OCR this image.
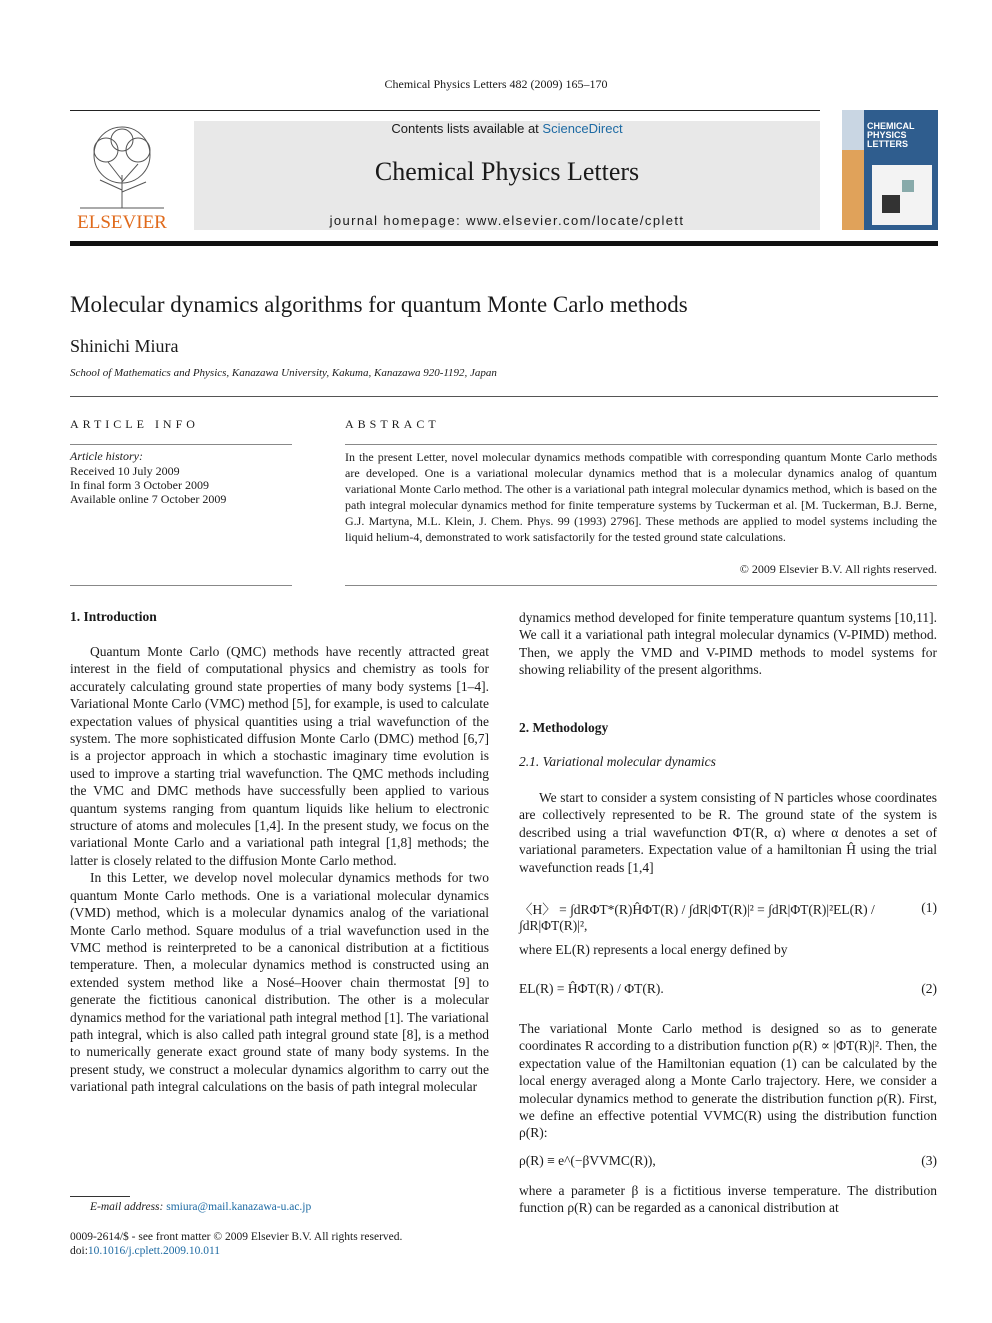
Chemical Physics Letters 482 (2009) 165–170
ELSEVIER
Contents lists available at ScienceDirect
Chemical Physics Letters
journal homepage: www.elsevier.com/locate/cplett
CHEMICAL
PHYSICS
LETTERS
Molecular dynamics algorithms for quantum Monte Carlo methods
Shinichi Miura
School of Mathematics and Physics, Kanazawa University, Kakuma, Kanazawa 920-1192, Japan
ARTICLE INFO
Article history:
Received 10 July 2009
In final form 3 October 2009
Available online 7 October 2009
ABSTRACT
In the present Letter, novel molecular dynamics methods compatible with corresponding quantum Monte Carlo methods are developed. One is a variational molecular dynamics method that is a molecular dynamics analog of quantum variational Monte Carlo method. The other is a variational path integral molecular dynamics method, which is based on the path integral molecular dynamics method for finite temperature systems by Tuckerman et al. [M. Tuckerman, B.J. Berne, G.J. Martyna, M.L. Klein, J. Chem. Phys. 99 (1993) 2796]. These methods are applied to model systems including the liquid helium-4, demonstrated to work satisfactorily for the tested ground state calculations.
© 2009 Elsevier B.V. All rights reserved.
1. Introduction

Quantum Monte Carlo (QMC) methods have recently attracted great interest in the field of computational physics and chemistry as tools for accurately calculating ground state properties of many body systems [1–4]. Variational Monte Carlo (VMC) method [5], for example, is used to calculate expectation values of physical quantities using a trial wavefunction of the system. The more sophisticated diffusion Monte Carlo (DMC) method [6,7] is a projector approach in which a stochastic imaginary time evolution is used to improve a starting trial wavefunction. The QMC methods including the VMC and DMC methods have successfully been applied to various quantum systems ranging from quantum liquids like helium to electronic structure of atoms and molecules [1,4]. In the present study, we focus on the variational Monte Carlo and a variational path integral [1,8] methods; the latter is closely related to the diffusion Monte Carlo method.

In this Letter, we develop novel molecular dynamics methods for two quantum Monte Carlo methods. One is a variational molecular dynamics (VMD) method, which is a molecular dynamics analog of the variational Monte Carlo method. Square modulus of a trial wavefunction used in the VMC method is reinterpreted to be a canonical distribution at a fictitious temperature. Then, a molecular dynamics method is constructed using an extended system method like a Nosé–Hoover chain thermostat [9] to generate the fictitious canonical distribution. The other is a molecular dynamics method for the variational path integral method [1]. The variational path integral, which is also called path integral ground state [8], is a method to numerically generate exact ground state of many body systems. In the present study, we construct a molecular dynamics algorithm to carry out the variational path integral calculations on the basis of path integral molecular

dynamics method developed for finite temperature quantum systems [10,11]. We call it a variational path integral molecular dynamics (V-PIMD) method. Then, we apply the VMD and V-PIMD methods to model systems for showing reliability of the present algorithms.

2. Methodology
2.1. Variational molecular dynamics

We start to consider a system consisting of N particles whose coordinates are collectively represented to be R. The ground state of the system is described using a trial wavefunction ΦT(R, α) where α denotes a set of variational parameters. Expectation value of a hamiltonian Ĥ using the trial wavefunction reads [1,4]

〈H〉 = ∫dRΦT*(R)ĤΦT(R) / ∫dR|ΦT(R)|² = ∫dR|ΦT(R)|²EL(R) / ∫dR|ΦT(R)|²,
(1)

where EL(R) represents a local energy defined by

EL(R) = ĤΦT(R) / ΦT(R).	(2)

The variational Monte Carlo method is designed so as to generate coordinates R according to a distribution function ρ(R) ∝ |ΦT(R)|². Then, the expectation value of the Hamiltonian equation (1) can be calculated by the local energy averaged along a Monte Carlo trajectory. Here, we consider a molecular dynamics method to generate the distribution function ρ(R). First, we define an effective potential VVMC(R) using the distribution function ρ(R):

ρ(R) ≡ e^(−βVVMC(R)),	(3)

where a parameter β is a fictitious inverse temperature. The distribution function ρ(R) can be regarded as a canonical distribution at

E-mail address: smiura@mail.kanazawa-u.ac.jp
0009-2614/$ - see front matter © 2009 Elsevier B.V. All rights reserved.
doi:10.1016/j.cplett.2009.10.011
